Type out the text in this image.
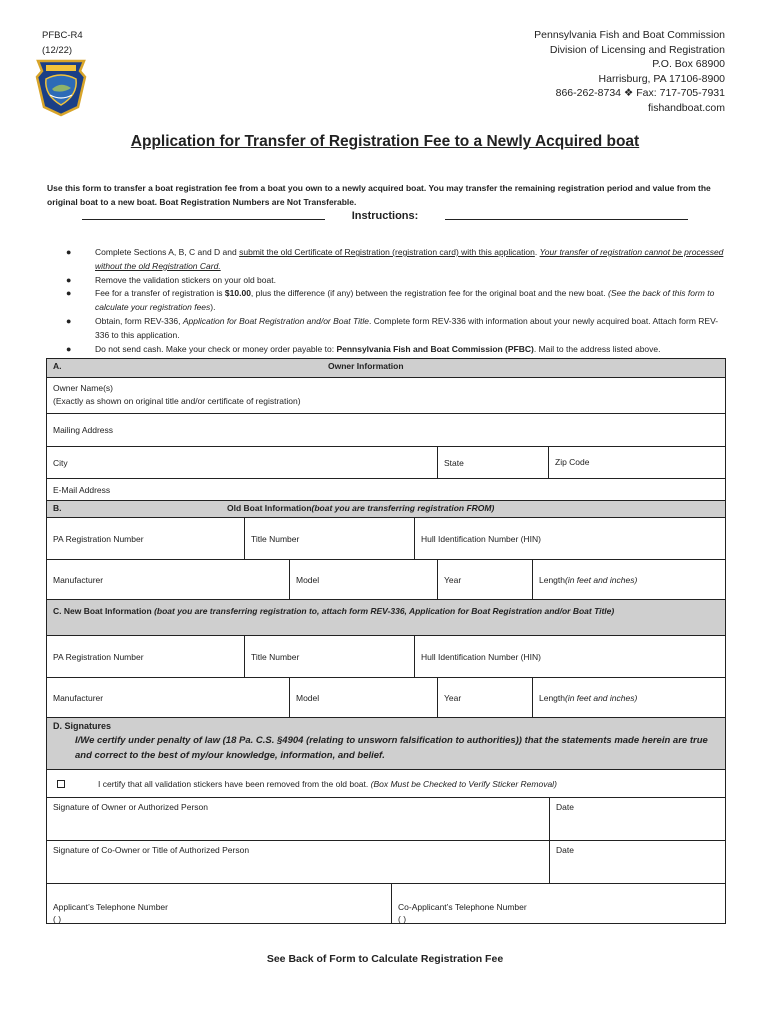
PFBC-R4
(12/22)
Pennsylvania Fish and Boat Commission
Division of Licensing and Registration
P.O. Box 68900
Harrisburg, PA 17106-8900
866-262-8734 ❖ Fax: 717-705-7931
fishandboat.com
Application for Transfer of Registration Fee to a Newly Acquired boat
Use this form to transfer a boat registration fee from a boat you own to a newly acquired boat. You may transfer the remaining registration period and value from the original boat to a new boat. Boat Registration Numbers are Not Transferable.
Instructions:
● Complete Sections A, B, C and D and submit the old Certificate of Registration (registration card) with this application. Your transfer of registration cannot be processed without the old Registration Card.
● Remove the validation stickers on your old boat.
● Fee for a transfer of registration is $10.00, plus the difference (if any) between the registration fee for the original boat and the new boat. (See the back of this form to calculate your registration fees).
● Obtain, form REV-336, Application for Boat Registration and/or Boat Title. Complete form REV-336 with information about your newly acquired boat. Attach form REV-336 to this application.
● Do not send cash. Make your check or money order payable to: Pennsylvania Fish and Boat Commission (PFBC). Mail to the address listed above.
A.	Owner Information
Owner Name(s)
(Exactly as shown on original title and/or certificate of registration)
Mailing Address
City	State	Zip Code
E-Mail Address
B.	Old Boat Information (boat you are transferring registration FROM)
PA Registration Number	Title Number	Hull Identification Number (HIN)
Manufacturer	Model	Year	Length (in feet and inches)
C. New Boat Information (boat you are transferring registration to, attach form REV-336, Application for Boat Registration and/or Boat Title)
PA Registration Number	Title Number	Hull Identification Number (HIN)
Manufacturer	Model	Year	Length (in feet and inches)
D. Signatures
I/We certify under penalty of law (18 Pa. C.S. §4904 (relating to unsworn falsification to authorities)) that the statements made herein are true and correct to the best of my/our knowledge, information, and belief.
I certify that all validation stickers have been removed from the old boat. (Box Must be Checked to Verify Sticker Removal)
Signature of Owner or Authorized Person	Date
Signature of Co-Owner or Title of Authorized Person	Date
Applicant’s Telephone Number
( )
Co-Applicant’s Telephone Number
( )
See Back of Form to Calculate Registration Fee
